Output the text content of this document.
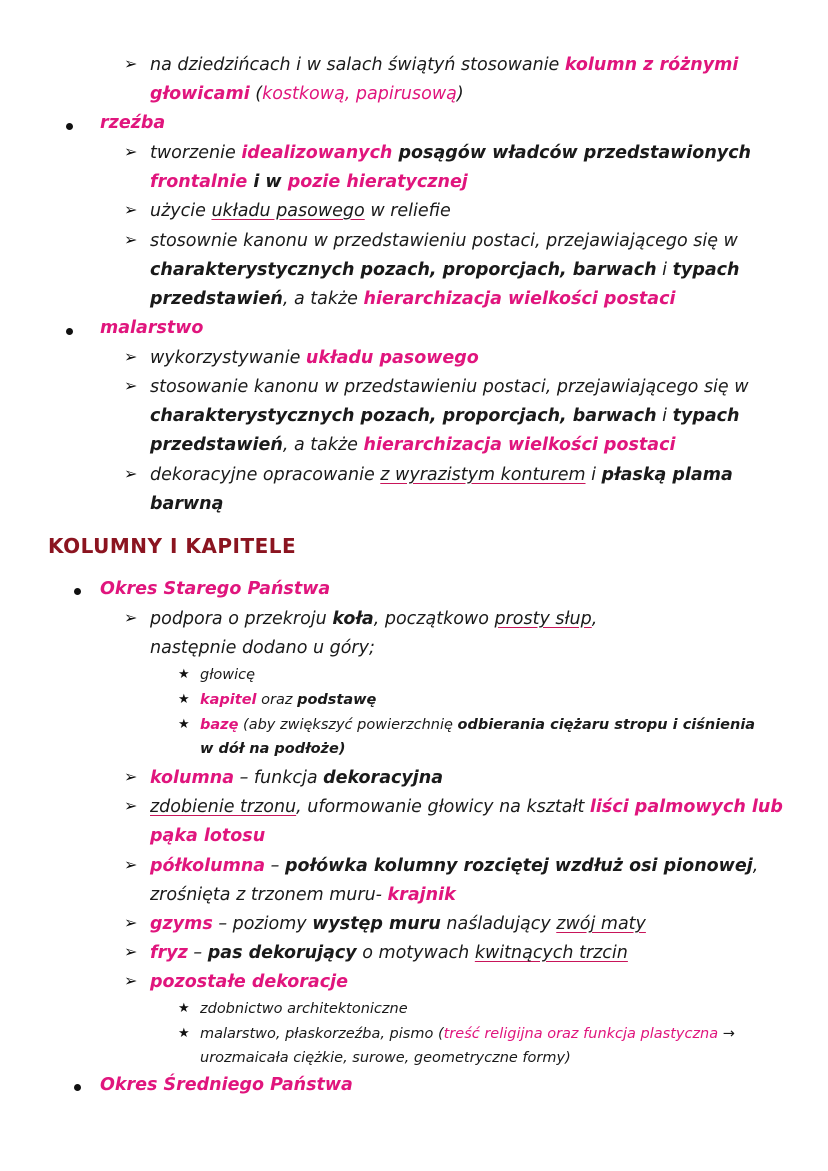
➢ na dziedzińcach i w salach świątyń stosowanie kolumn z różnymi
głowicami (kostkową, papirusową)
rzeźba
➢ tworzenie idealizowanych posągów władców przedstawionych
frontalnie i w pozie hieratycznej
➢ użycie układu pasowego w reliefie
➢ stosownie kanonu w przedstawieniu postaci, przejawiającego się w
charakterystycznych pozach, proporcjach, barwach i typach
przedstawień, a także hierarchizacja wielkości postaci
malarstwo
➢ wykorzystywanie układu pasowego
➢ stosowanie kanonu w przedstawieniu postaci, przejawiającego się w
charakterystycznych pozach, proporcjach, barwach i typach
przedstawień, a także hierarchizacja wielkości postaci
➢ dekoracyjne opracowanie z wyrazistym konturem i płaską plama
barwną
KOLUMNY I KAPITELE
Okres Starego Państwa
➢ podpora o przekroju koła, początkowo prosty słup,
następnie dodano u góry;
★ głowicę
★ kapitel oraz podstawę
★ bazę (aby zwiększyć powierzchnię odbierania ciężaru stropu i ciśnienia
w dół na podłoże)
➢ kolumna – funkcja dekoracyjna
➢ zdobienie trzonu, uformowanie głowicy na kształt liści palmowych lub
pąka lotosu
➢ półkolumna – połówka kolumny rozciętej wzdłuż osi pionowej,
zrośnięta z trzonem muru- krajnik
➢ gzyms – poziomy występ muru naśladujący zwój maty
➢ fryz – pas dekorujący o motywach kwitnących trzcin
➢ pozostałe dekoracje
★ zdobnictwo architektoniczne
★ malarstwo, płaskorzeźba, pismo (treść religijna oraz funkcja plastyczna →
urozmaicała ciężkie, surowe, geometryczne formy)
Okres Średniego Państwa
